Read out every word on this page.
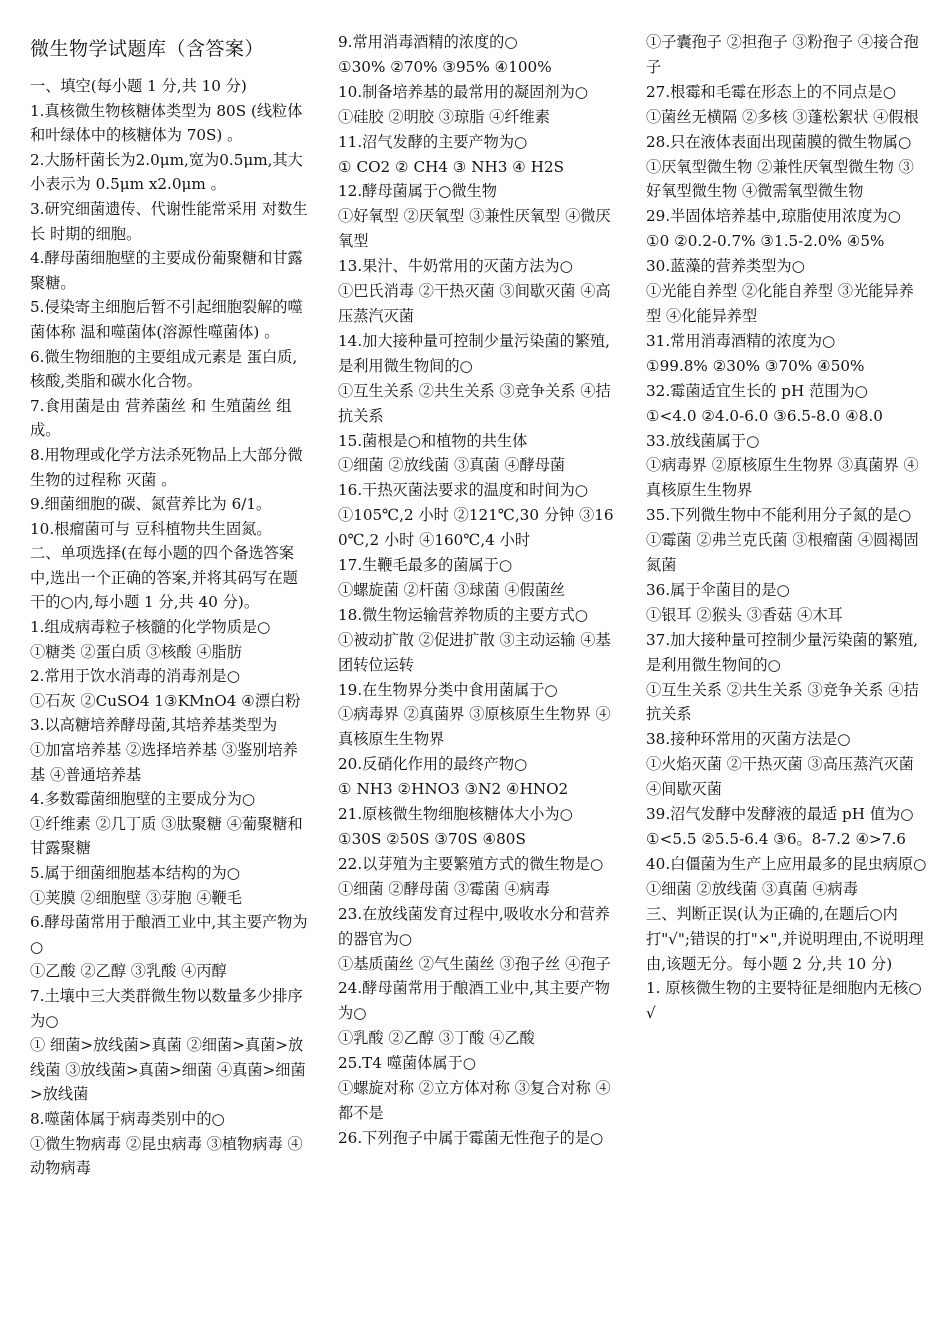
微生物学试题库（含答案）
一、填空(每小题 1 分,共 10 分)
1.真核微生物核糖体类型为 80S (线粒体和叶绿体中的核糖体为 70S) 。
2.大肠杆菌长为2.0μm,宽为0.5μm,其大小表示为 0.5μm x2.0μm 。
3.研究细菌遗传、代谢性能常采用 对数生长 时期的细胞。
4.酵母菌细胞壁的主要成份葡聚糖和甘露聚糖。
5.侵染寄主细胞后暂不引起细胞裂解的噬菌体称 温和噬菌体(溶源性噬菌体) 。
6.微生物细胞的主要组成元素是 蛋白质,核酸,类脂和碳水化合物。
7.食用菌是由 营养菌丝 和 生殖菌丝 组成。
8.用物理或化学方法杀死物品上大部分微生物的过程称 灭菌 。
9.细菌细胞的碳、氮营养比为 6/1。
10.根瘤菌可与 豆科植物共生固氮。
二、单项选择(在每小题的四个备选答案中,选出一个正确的答案,并将其码写在题干的○内,每小题 1 分,共 40 分)。
1.组成病毒粒子核髓的化学物质是○
①糖类 ②蛋白质 ③核酸 ④脂肪
2.常用于饮水消毒的消毒剂是○
①石灰 ②CuSO4 1③KMnO4 ④漂白粉
3.以高糖培养酵母菌,其培养基类型为
①加富培养基 ②选择培养基 ③鉴别培养基 ④普通培养基
4.多数霉菌细胞壁的主要成分为○
①纤维素 ②几丁质 ③肽聚糖 ④葡聚糖和甘露聚糖
5.属于细菌细胞基本结构的为○
①荚膜 ②细胞壁 ③芽胞 ④鞭毛
6.酵母菌常用于酿酒工业中,其主要产物为○
①乙酸 ②乙醇 ③乳酸 ④丙醇
7.土壤中三大类群微生物以数量多少排序为○
① 细菌>放线菌>真菌 ②细菌>真菌>放线菌 ③放线菌>真菌>细菌 ④真菌>细菌>放线菌
8.噬菌体属于病毒类别中的○
①微生物病毒 ②昆虫病毒 ③植物病毒 ④动物病毒
9.常用消毒酒精的浓度的○
①30% ②70% ③95% ④100%
10.制备培养基的最常用的凝固剂为○
①硅胶 ②明胶 ③琼脂 ④纤维素
11.沼气发酵的主要产物为○
① CO2 ② CH4 ③ NH3 ④ H2S
12.酵母菌属于○微生物
①好氧型 ②厌氧型 ③兼性厌氧型 ④微厌氧型
13.果汁、牛奶常用的灭菌方法为○
①巴氏消毒 ②干热灭菌 ③间歇灭菌 ④高压蒸汽灭菌
14.加大接种量可控制少量污染菌的繁殖,是利用微生物间的○
①互生关系 ②共生关系 ③竞争关系 ④拮抗关系
15.菌根是○和植物的共生体
①细菌 ②放线菌 ③真菌 ④酵母菌
16.干热灭菌法要求的温度和时间为○
①105℃,2 小时 ②121℃,30 分钟 ③160℃,2 小时 ④160℃,4 小时
17.生鞭毛最多的菌属于○
①螺旋菌 ②杆菌 ③球菌 ④假菌丝
18.微生物运输营养物质的主要方式○
①被动扩散 ②促进扩散 ③主动运输 ④基团转位运转
19.在生物界分类中食用菌属于○
①病毒界 ②真菌界 ③原核原生生物界 ④真核原生生物界
20.反硝化作用的最终产物○
① NH3 ②HNO3 ③N2 ④HNO2
21.原核微生物细胞核糖体大小为○
①30S ②50S ③70S ④80S
22.以芽殖为主要繁殖方式的微生物是○
①细菌 ②酵母菌 ③霉菌 ④病毒
23.在放线菌发育过程中,吸收水分和营养的器官为○
①基质菌丝 ②气生菌丝 ③孢子丝 ④孢子
24.酵母菌常用于酿酒工业中,其主要产物为○
①乳酸 ②乙醇 ③丁酸 ④乙酸
25.T4 噬菌体属于○
①螺旋对称 ②立方体对称 ③复合对称 ④都不是
26.下列孢子中属于霉菌无性孢子的是○
①子囊孢子 ②担孢子 ③粉孢子 ④接合孢子
27.根霉和毛霉在形态上的不同点是○
①菌丝无横隔 ②多核 ③蓬松絮状 ④假根
28.只在液体表面出现菌膜的微生物属○
①厌氧型微生物 ②兼性厌氧型微生物 ③好氧型微生物 ④微需氧型微生物
29.半固体培养基中,琼脂使用浓度为○
①0 ②0.2-0.7% ③1.5-2.0% ④5%
30.蓝藻的营养类型为○
①光能自养型 ②化能自养型 ③光能异养型 ④化能异养型
31.常用消毒酒精的浓度为○
①99.8% ②30% ③70% ④50%
32.霉菌适宜生长的 pH 范围为○
①<4.0 ②4.0-6.0 ③6.5-8.0 ④8.0
33.放线菌属于○
①病毒界 ②原核原生生物界 ③真菌界 ④真核原生生物界
35.下列微生物中不能利用分子氮的是○
①霉菌 ②弗兰克氏菌 ③根瘤菌 ④圆褐固氮菌
36.属于伞菌目的是○
①银耳 ②猴头 ③香菇 ④木耳
37.加大接种量可控制少量污染菌的繁殖,是利用微生物间的○
①互生关系 ②共生关系 ③竞争关系 ④拮抗关系
38.接种环常用的灭菌方法是○
①火焰灭菌 ②干热灭菌 ③高压蒸汽灭菌 ④间歇灭菌
39.沼气发酵中发酵液的最适 pH 值为○
①<5.5 ②5.5-6.4 ③6。8-7.2 ④>7.6
40.白僵菌为生产上应用最多的昆虫病原○
①细菌 ②放线菌 ③真菌 ④病毒
三、判断正误(认为正确的,在题后○内打"√";错误的打"×",并说明理由,不说明理由,该题无分。每小题 2 分,共 10 分)
1. 原核微生物的主要特征是细胞内无核○√
